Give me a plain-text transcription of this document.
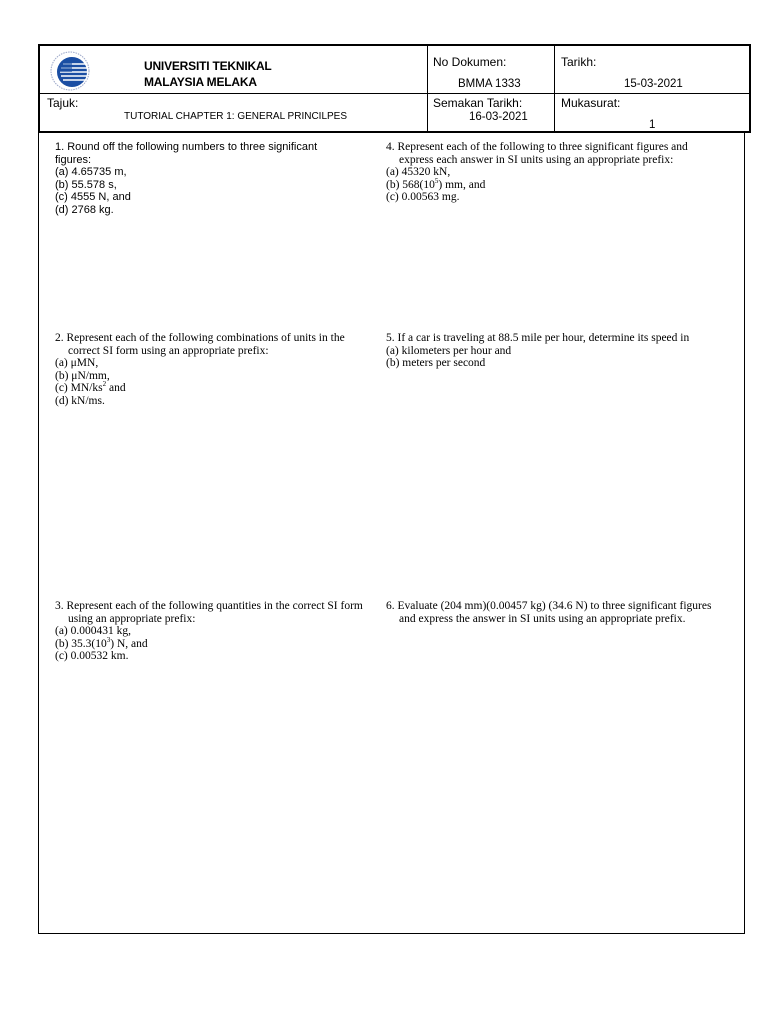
UNIVERSITI TEKNIKAL
MALAYSIA MELAKA
No Dokumen:
BMMA 1333
Tarikh:
15-03-2021
Tajuk:
TUTORIAL CHAPTER 1: GENERAL PRINCILPES
Semakan Tarikh:
16-03-2021
Mukasurat:
1

1. Round off the following numbers to three significant

figures:

(a) 4.65735 m,

(b) 55.578 s,

(c) 4555 N, and

(d) 2768 kg.

4. Represent each of the following to three significant figures and

express each answer in SI units using an appropriate prefix:

(a) 45320 kN,

(b) $568(10^5)$ mm, and

(c) 0.00563 mg.

2. Represent each of the following combinations of units in the

correct SI form using an appropriate prefix:

(a) μMN,

(b) μN/mm,

(c) $MN/ks^2$ and

(d) kN/ms.

5. If a car is traveling at 88.5 mile per hour, determine its speed in

(a) kilometers per hour and

(b) meters per second

3. Represent each of the following quantities in the correct SI form

using an appropriate prefix:

(a) 0.000431 kg,

(b) $35.3(10^3)$ N, and

(c) 0.00532 km.

6. Evaluate (204 mm)(0.00457 kg) (34.6 N) to three significant figures

and express the answer in SI units using an appropriate prefix.
